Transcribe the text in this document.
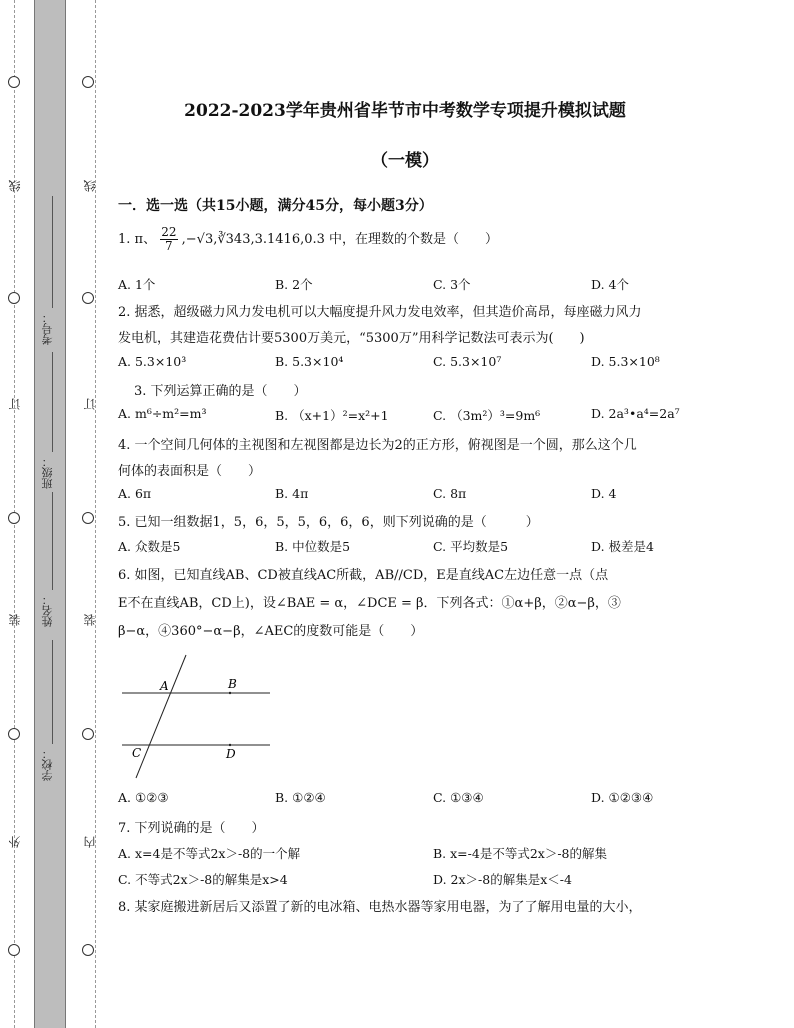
线
订
装
外
线
订
装
内
考号：
班级：
姓名：
学校：
2022-2023学年贵州省毕节市中考数学专项提升模拟试题
（一模）
一．选一选（共15小题，满分45分，每小题3分）
1. π、 $\frac{22}{7}$ ,−√3,∛343,3.1416,0.3 中，在理数的个数是（　　）
A. 1个	B. 2个	C. 3个	D. 4个
2. 据悉，超级磁力风力发电机可以大幅度提升风力发电效率，但其造价高昂，每座磁力风力
发电机，其建造花费估计要5300万美元，“5300万”用科学记数法可表示为(　　)
A. 5.3×10³	B. 5.3×10⁴	C. 5.3×10⁷	D. 5.3×10⁸
3. 下列运算正确的是（　　）
A. m⁶÷m²=m³	B. （x+1）²=x²+1	C. （3m²）³=9m⁶	D. 2a³•a⁴=2a⁷
4. 一个空间几何体的主视图和左视图都是边长为2的正方形，俯视图是一个圆，那么这个几
何体的表面积是（　　）
A. 6π	B. 4π	C. 8π	D. 4
5. 已知一组数据1，5，6，5，5，6，6，6，则下列说确的是（　　　）
A. 众数是5	B. 中位数是5	C. 平均数是5	D. 极差是4
6. 如图，已知直线AB、CD被直线AC所截，AB//CD，E是直线AC左边任意一点（点
E不在直线AB，CD上)，设∠BAE = α，∠DCE = β．下列各式：①α+β，②α−β，③
β−α，④360°−α−β，∠AEC的度数可能是（　　）
A	B
C	D
A. ①②③	B. ①②④	C. ①③④	D. ①②③④
7. 下列说确的是（　　）
A. x=4是不等式2x＞-8的一个解	B. x=-4是不等式2x＞-8的解集
C. 不等式2x＞-8的解集是x>4	D. 2x＞-8的解集是x＜-4
8. 某家庭搬进新居后又添置了新的电冰箱、电热水器等家用电器，为了了解用电量的大小，
